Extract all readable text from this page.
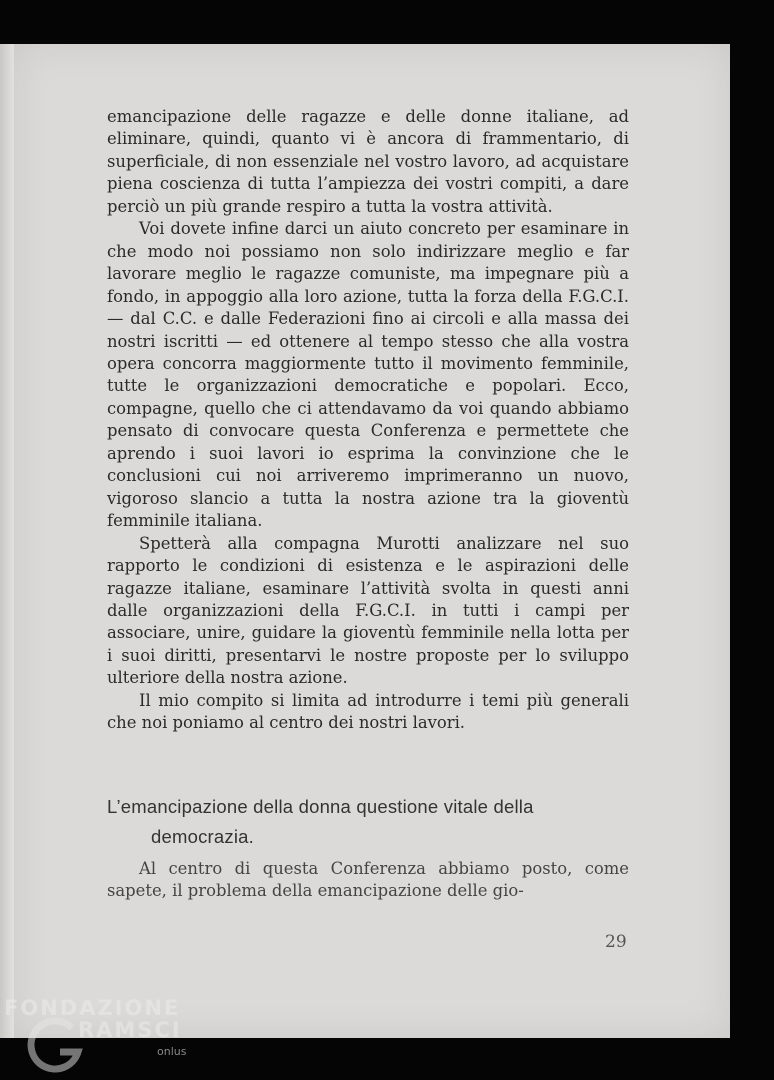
emancipazione delle ragazze e delle donne italiane, ad eliminare, quindi, quanto vi è ancora di frammentario, di superficiale, di non essenziale nel vostro lavoro, ad acquistare piena coscienza di tutta l’ampiezza dei vostri compiti, a dare perciò un più grande respiro a tutta la vostra attività.

Voi dovete infine darci un aiuto concreto per esaminare in che modo noi possiamo non solo indirizzare meglio e far lavorare meglio le ragazze comuniste, ma impegnare più a fondo, in appoggio alla loro azione, tutta la forza della F.G.C.I. — dal C.C. e dalle Federazioni fino ai circoli e alla massa dei nostri iscritti — ed ottenere al tempo stesso che alla vostra opera concorra maggiormente tutto il movimento femminile, tutte le organizzazioni democratiche e popolari. Ecco, compagne, quello che ci attendavamo da voi quando abbiamo pensato di convocare questa Conferenza e permettete che aprendo i suoi lavori io esprima la convinzione che le conclusioni cui noi arriveremo imprimeranno un nuovo, vigoroso slancio a tutta la nostra azione tra la gioventù femminile italiana.

Spetterà alla compagna Murotti analizzare nel suo rapporto le condizioni di esistenza e le aspirazioni delle ragazze italiane, esaminare l’attività svolta in questi anni dalle organizzazioni della F.G.C.I. in tutti i campi per associare, unire, guidare la gioventù femminile nella lotta per i suoi diritti, presentarvi le nostre proposte per lo sviluppo ulteriore della nostra azione.

Il mio compito si limita ad introdurre i temi più generali che noi poniamo al centro dei nostri lavori.

L’emancipazione della donna questione vitale della
democrazia.

Al centro di questa Conferenza abbiamo posto, come sapete, il problema della emancipazione delle gio-

29
FONDAZIONE
RAMSCI
onlus
